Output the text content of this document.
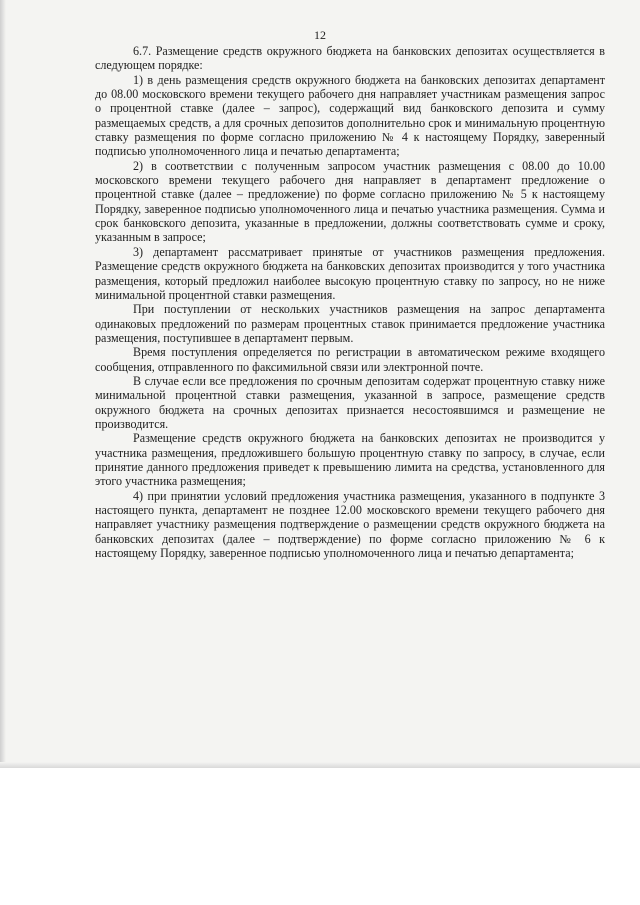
12

6.7. Размещение средств окружного бюджета на банковских депозитах осуществляется в следующем порядке:

1) в день размещения средств окружного бюджета на банковских депозитах департамент до 08.00 московского времени текущего рабочего дня направляет участникам размещения запрос о процентной ставке (далее – запрос), содержащий вид банковского депозита и сумму размещаемых средств, а для срочных депозитов дополнительно срок и минимальную процентную ставку размещения по форме согласно приложению № 4 к настоящему Порядку, заверенный подписью уполномоченного лица и печатью департамента;

2) в соответствии с полученным запросом участник размещения с 08.00 до 10.00 московского времени текущего рабочего дня направляет в департамент предложение о процентной ставке (далее – предложение) по форме согласно приложению № 5 к настоящему Порядку, заверенное подписью уполномоченного лица и печатью участника размещения. Сумма и срок банковского депозита, указанные в предложении, должны соответствовать сумме и сроку, указанным в запросе;

3) департамент рассматривает принятые от участников размещения предложения. Размещение средств окружного бюджета на банковских депозитах производится у того участника размещения, который предложил наиболее высокую процентную ставку по запросу, но не ниже минимальной процентной ставки размещения.

При поступлении от нескольких участников размещения на запрос департамента одинаковых предложений по размерам процентных ставок принимается предложение участника размещения, поступившее в департамент первым.

Время поступления определяется по регистрации в автоматическом режиме входящего сообщения, отправленного по факсимильной связи или электронной почте.

В случае если все предложения по срочным депозитам содержат процентную ставку ниже минимальной процентной ставки размещения, указанной в запросе, размещение средств окружного бюджета на срочных депозитах признается несостоявшимся и размещение не производится.

Размещение средств окружного бюджета на банковских депозитах не производится у участника размещения, предложившего большую процентную ставку по запросу, в случае, если принятие данного предложения приведет к превышению лимита на средства, установленного для этого участника размещения;

4) при принятии условий предложения участника размещения, указанного в подпункте 3 настоящего пункта, департамент не позднее 12.00 московского времени текущего рабочего дня направляет участнику размещения подтверждение о размещении средств окружного бюджета на банковских депозитах (далее – подтверждение) по форме согласно приложению № 6 к настоящему Порядку, заверенное подписью уполномоченного лица и печатью департамента;
